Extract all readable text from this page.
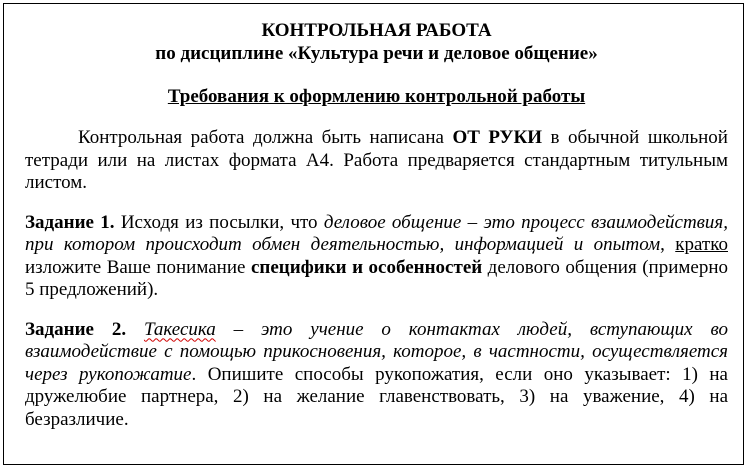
КОНТРОЛЬНАЯ РАБОТА

по дисциплине «Культура речи и деловое общение»

Требования к оформлению контрольной работы

Контрольная работа должна быть написана ОТ РУКИ в обычной школьной тетради или на листах формата А4. Работа предваряется стандартным титульным листом.

Задание 1. Исходя из посылки, что деловое общение – это процесс взаимодействия, при котором происходит обмен деятельностью, информацией и опытом, кратко изложите Ваше понимание специфики и особенностей делового общения (примерно 5 предложений).

Задание 2. Такесика – это учение о контактах людей, вступающих во взаимодействие с помощью прикосновения, которое, в частности, осуществляется через рукопожатие. Опишите способы рукопожатия, если оно указывает: 1) на дружелюбие партнера, 2) на желание главенствовать, 3) на уважение, 4) на безразличие.
